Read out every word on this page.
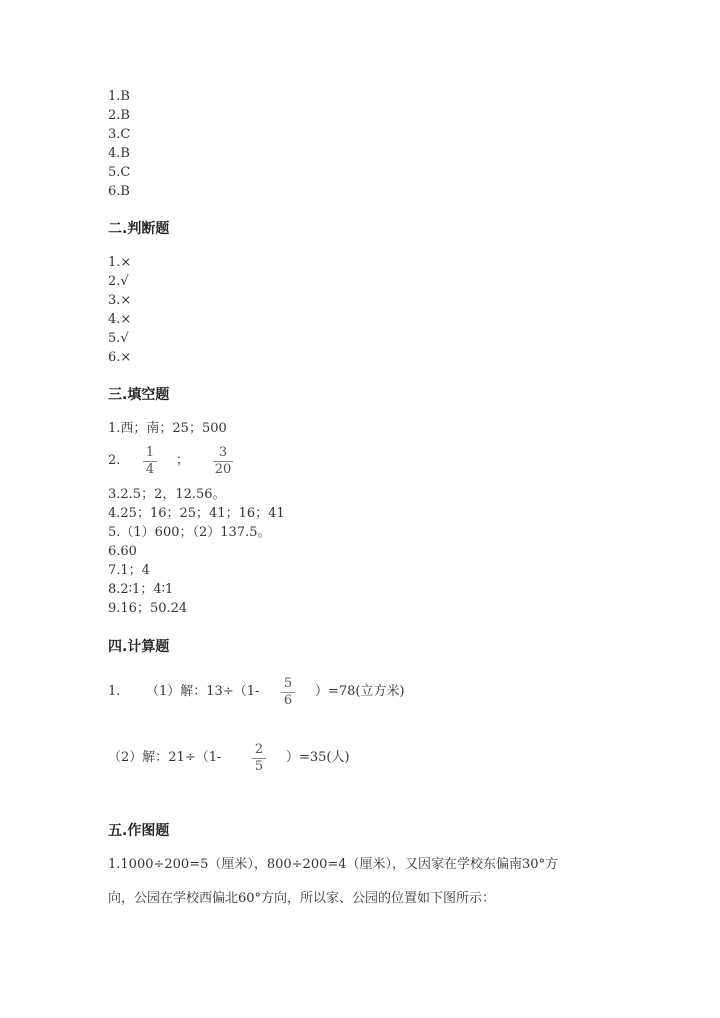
1.B
2.B
3.C
4.B
5.C
6.B
二.判断题
1.×
2.√
3.×
4.×
5.√
6.×
三.填空题
1.西；南；25；500
2.
1
4
；
3
20
3.2.5；2，12.56。
4.25；16；25；41；16；41
5.（1）600；（2）137.5。
6.60
7.1；4
8.2∶1；4∶1
9.16；50.24
四.计算题
1. （1）解：13÷（1-
5
6
）=78(立方米)
（2）解：21÷（1-
2
5
）=35(人)
五.作图题
1.1000÷200=5（厘米），800÷200=4（厘米），又因家在学校东偏南30°方
向，公园在学校西偏北60°方向，所以家、公园的位置如下图所示：
